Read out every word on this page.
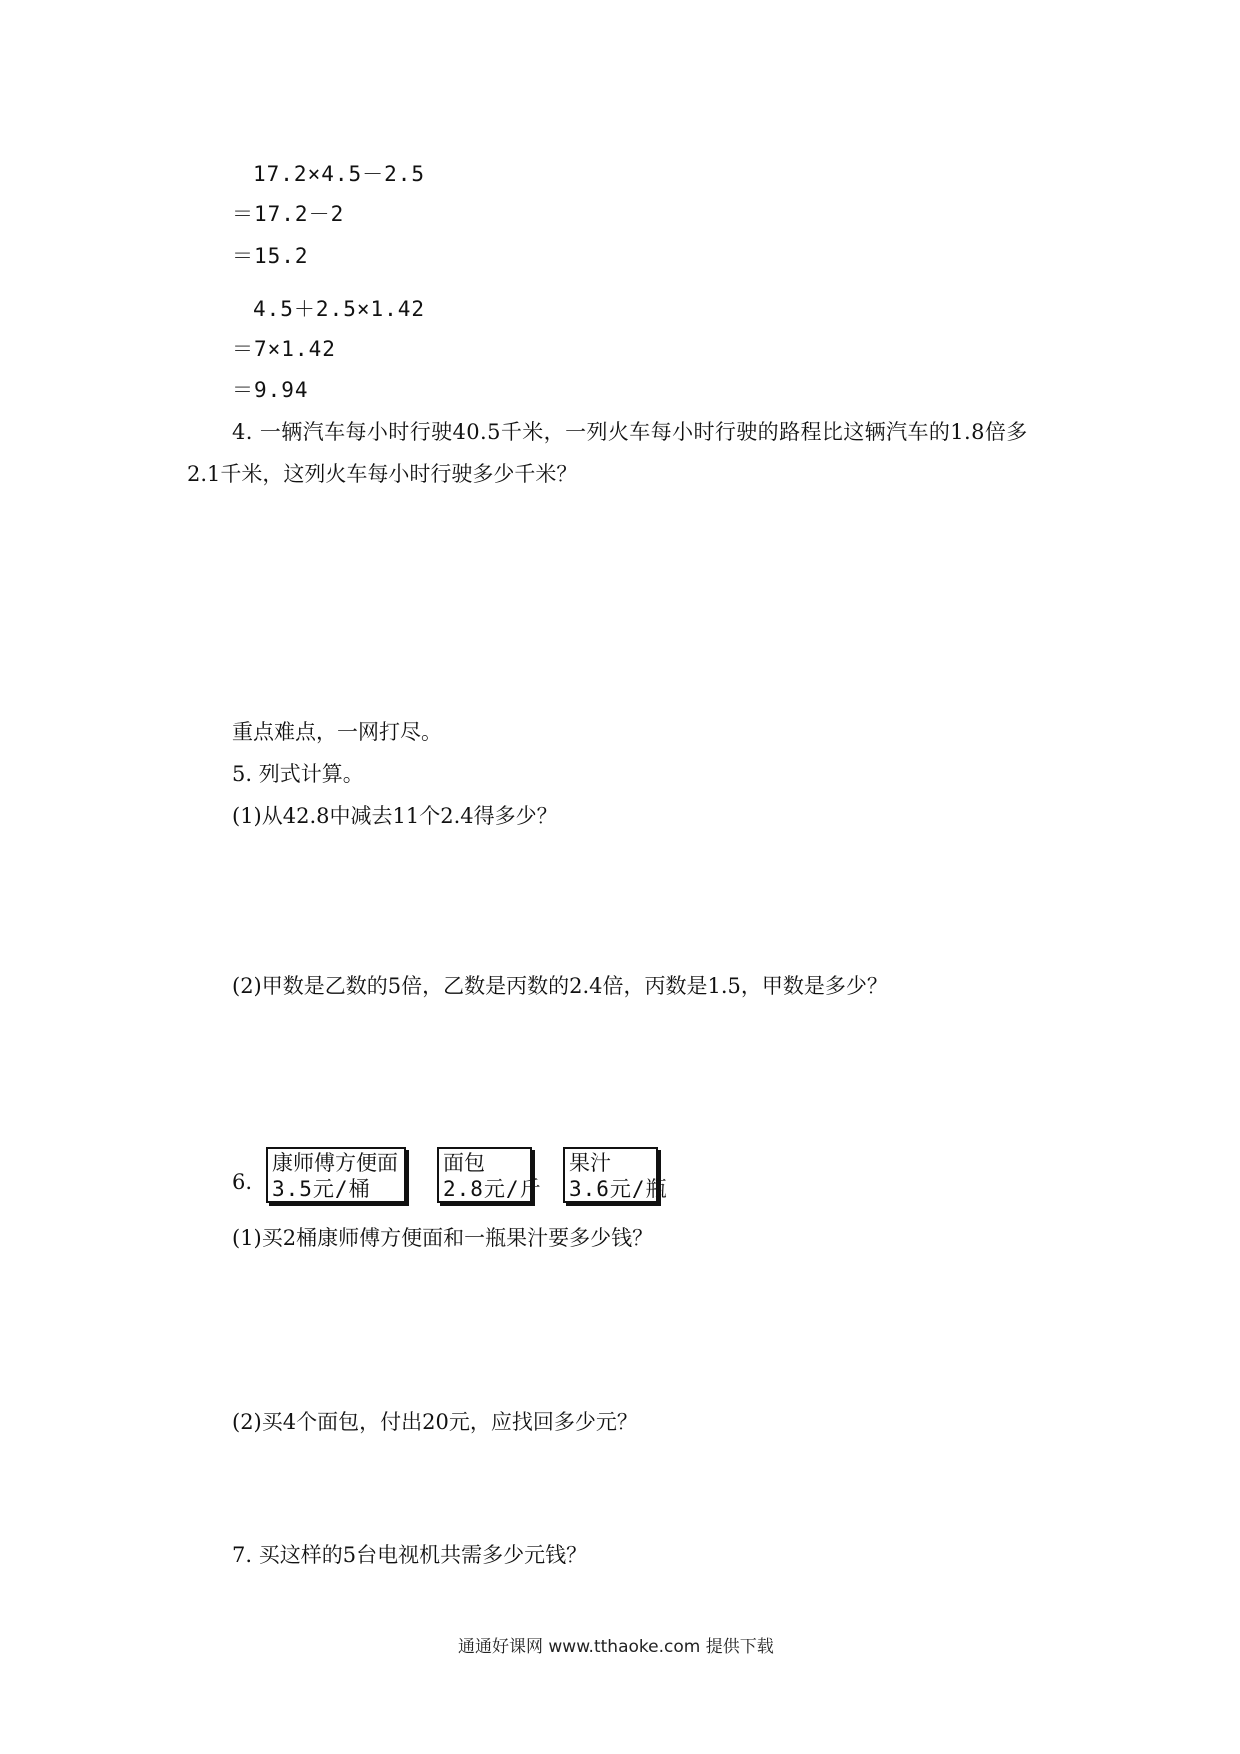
17.2×4.5－2.5
＝17.2－2
＝15.2
4.5＋2.5×1.42
＝7×1.42
＝9.94
4. 一辆汽车每小时行驶40.5千米，一列火车每小时行驶的路程比这辆汽车的1.8倍多
2.1千米，这列火车每小时行驶多少千米？
重点难点，一网打尽。
5. 列式计算。
(1)从42.8中减去11个2.4得多少？
(2)甲数是乙数的5倍，乙数是丙数的2.4倍，丙数是1.5，甲数是多少？
6.
康师傅方便面
3.5元/桶
面包
2.8元/斤
果汁
3.6元/瓶
(1)买2桶康师傅方便面和一瓶果汁要多少钱？
(2)买4个面包，付出20元，应找回多少元？
7. 买这样的5台电视机共需多少元钱？
通通好课网 www.tthaoke.com 提供下载
